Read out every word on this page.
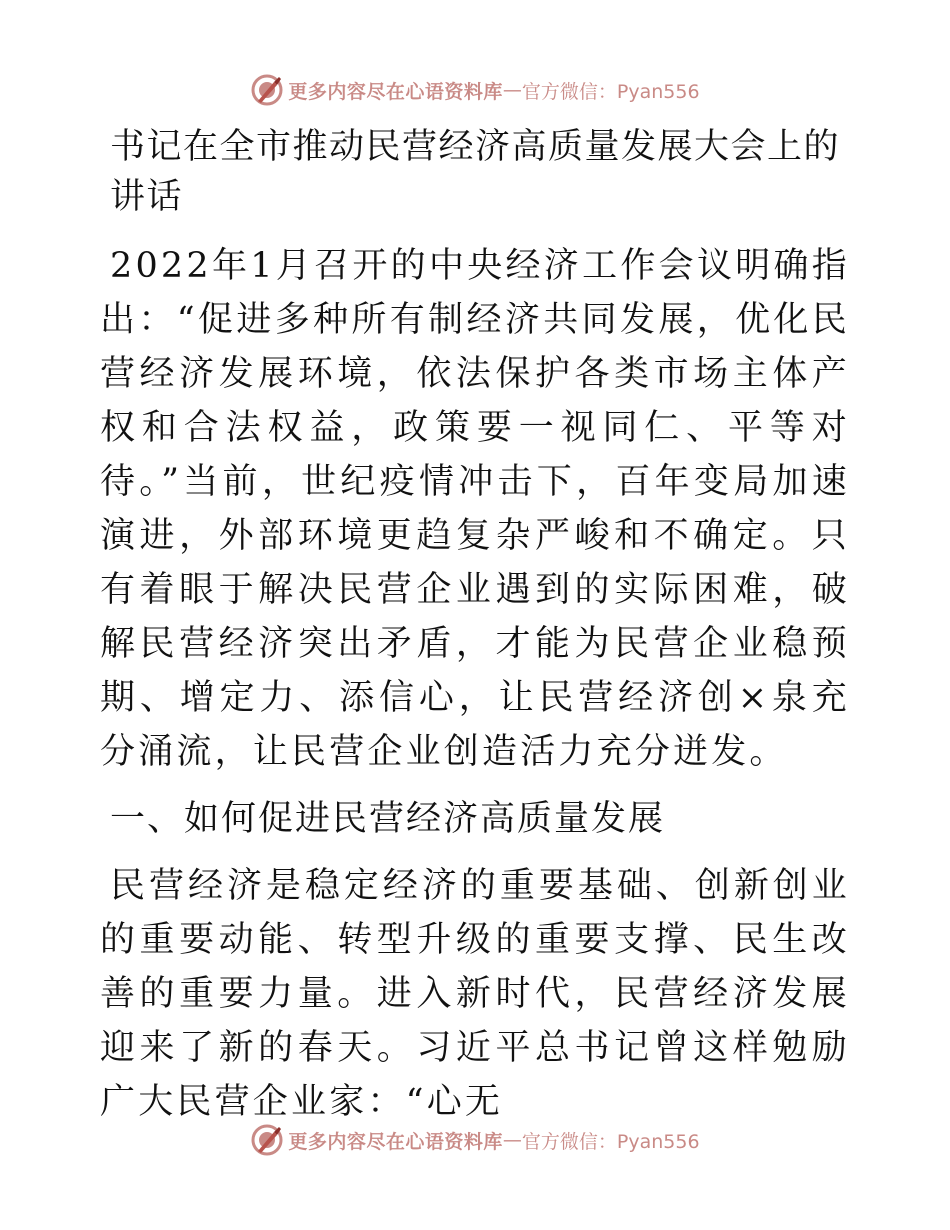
更多内容尽在心语资料库 — 官方微信：Pyan556
书记在全市推动民营经济高质量发展大会上的讲话

2022年1月召开的中央经济工作会议明确指出：“促进多种所有制经济共同发展，优化民营经济发展环境，依法保护各类市场主体产权和合法权益，政策要一视同仁、平等对待。”当前，世纪疫情冲击下，百年变局加速演进，外部环境更趋复杂严峻和不确定。只有着眼于解决民营企业遇到的实际困难，破解民营经济突出矛盾，才能为民营企业稳预期、增定力、添信心，让民营经济创×泉充分涌流，让民营企业创造活力充分迸发。

一、如何促进民营经济高质量发展

民营经济是稳定经济的重要基础、创新创业的重要动能、转型升级的重要支撑、民生改善的重要力量。进入新时代，民营经济发展迎来了新的春天。习近平总书记曾这样勉励广大民营企业家：“心无

更多内容尽在心语资料库 — 官方微信：Pyan556
